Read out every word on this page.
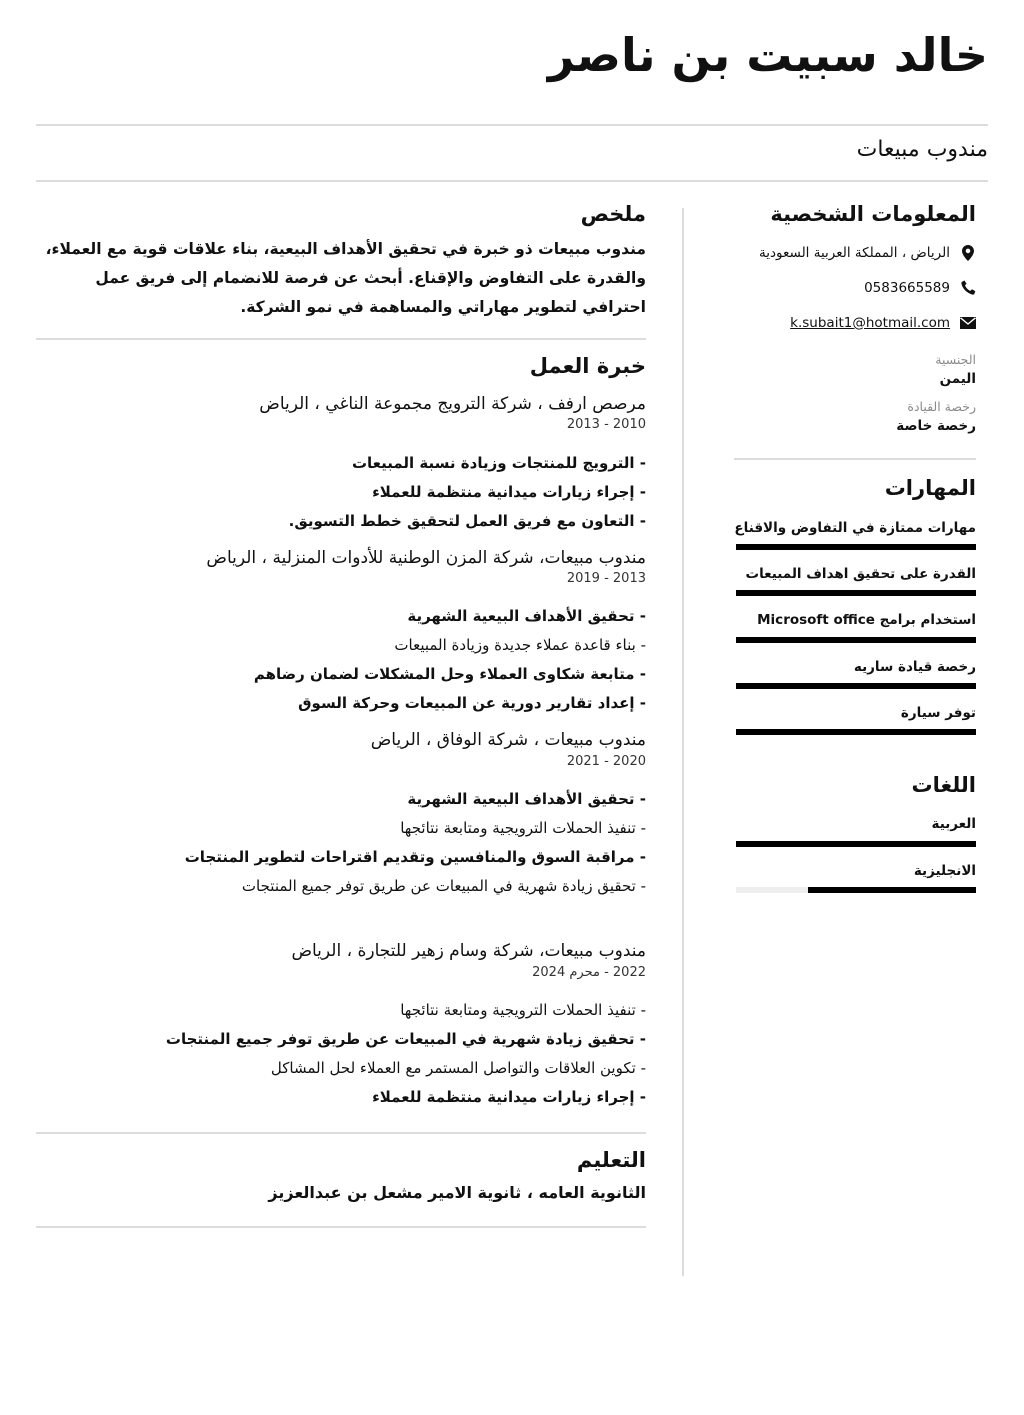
خالد سبيت بن ناصر
مندوب مبيعات
المعلومات الشخصية
الرياض ، المملكة العربية السعودية
0583665589
k.subait1@hotmail.com
الجنسية
اليمن
رخصة القيادة
رخصة خاصة
المهارات
مهارات ممتازة في التفاوض والاقناع
القدرة على تحقيق اهداف المبيعات
استخدام برامج Microsoft office
رخصة قيادة ساريه
توفر سيارة
اللغات
العربية
الانجليزية
ملخص
مندوب مبيعات ذو خبرة في تحقيق الأهداف البيعية، بناء علاقات قوية مع العملاء، والقدرة على التفاوض والإقناع. أبحث عن فرصة للانضمام إلى فريق عمل احترافي لتطوير مهاراتي والمساهمة في نمو الشركة.
خبرة العمل
مرصص ارفف ، شركة الترويج مجموعة الناغي ، الرياض
2010 - 2013
- الترويج للمنتجات وزيادة نسبة المبيعات
- إجراء زيارات ميدانية منتظمة للعملاء
- التعاون مع فريق العمل لتحقيق خطط التسويق.
مندوب مبيعات، شركة المزن الوطنية للأدوات المنزلية ، الرياض
2013 - 2019
- تحقيق الأهداف البيعية الشهرية
- بناء قاعدة عملاء جديدة وزيادة المبيعات
- متابعة شكاوى العملاء وحل المشكلات لضمان رضاهم
- إعداد تقارير دورية عن المبيعات وحركة السوق
مندوب مبيعات ، شركة الوفاق ، الرياض
2020 - 2021
- تحقيق الأهداف البيعية الشهرية
- تنفيذ الحملات الترويجية ومتابعة نتائجها
- مراقبة السوق والمنافسين وتقديم اقتراحات لتطوير المنتجات
- تحقيق زيادة شهرية في المبيعات عن طريق توفر جميع المنتجات
مندوب مبيعات، شركة وسام زهير للتجارة ، الرياض
2022 - محرم 2024
- تنفيذ الحملات الترويجية ومتابعة نتائجها
- تحقيق زيادة شهرية في المبيعات عن طريق توفر جميع المنتجات
- تكوين العلاقات والتواصل المستمر مع العملاء لحل المشاكل
- إجراء زيارات ميدانية منتظمة للعملاء
التعليم
الثانوية العامه ، ثانوية الامير مشعل بن عبدالعزيز
